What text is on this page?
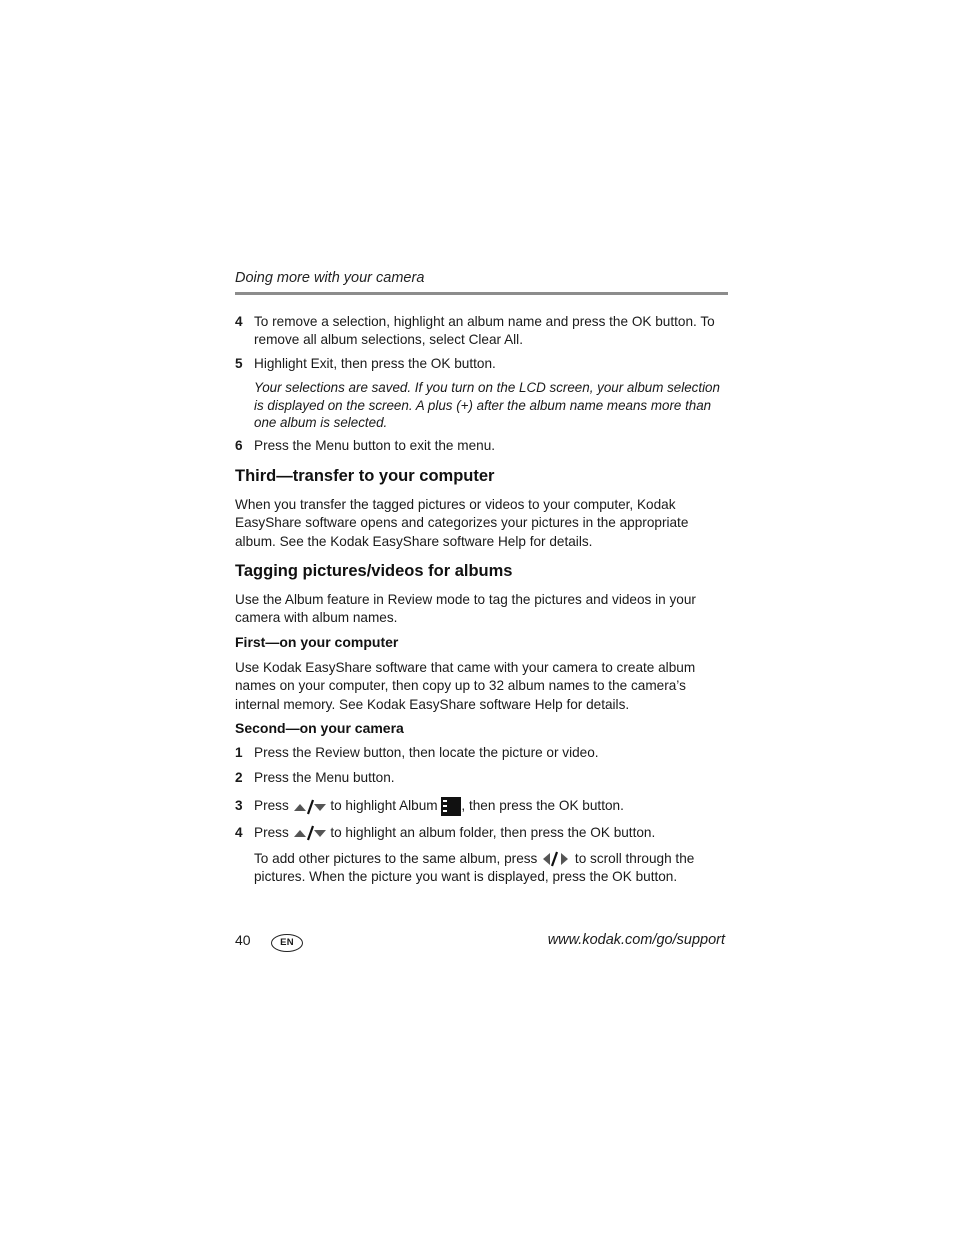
Doing more with your camera
4 To remove a selection, highlight an album name and press the OK button. To remove all album selections, select Clear All.
5 Highlight Exit, then press the OK button.
Your selections are saved. If you turn on the LCD screen, your album selection is displayed on the screen. A plus (+) after the album name means more than one album is selected.
6 Press the Menu button to exit the menu.
Third—transfer to your computer
When you transfer the tagged pictures or videos to your computer, Kodak EasyShare software opens and categorizes your pictures in the appropriate album. See the Kodak EasyShare software Help for details.
Tagging pictures/videos for albums
Use the Album feature in Review mode to tag the pictures and videos in your camera with album names.
First—on your computer
Use Kodak EasyShare software that came with your camera to create album names on your computer, then copy up to 32 album names to the camera’s internal memory. See Kodak EasyShare software Help for details.
Second—on your camera
1 Press the Review button, then locate the picture or video.
2 Press the Menu button.
3 Press	to highlight Album , then press the OK button.
4 Press	to highlight an album folder, then press the OK button.
To add other pictures to the same album, press	to scroll through the pictures. When the picture you want is displayed, press the OK button.
40	EN	www.kodak.com/go/support
